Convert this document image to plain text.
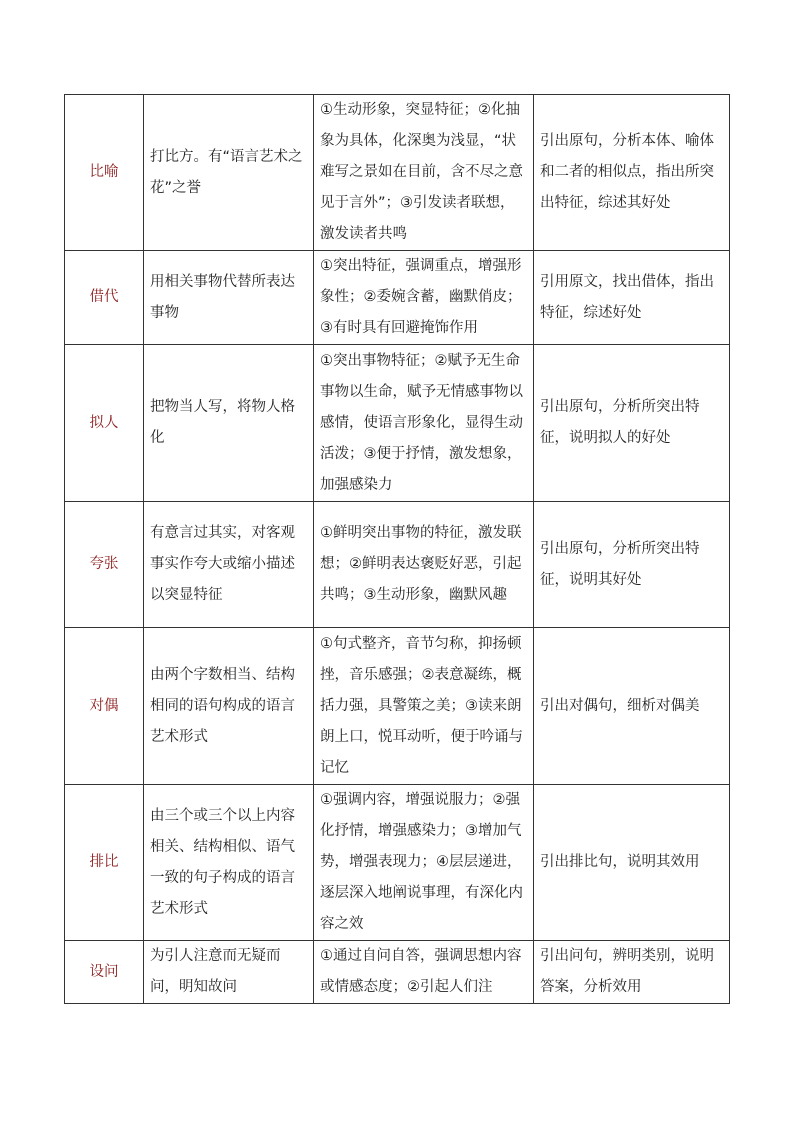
比喻	打比方。有“语言艺术之花”之誉	①生动形象，突显特征；②化抽象为具体，化深奥为浅显，“状难写之景如在目前，含不尽之意见于言外”；③引发读者联想，激发读者共鸣	引出原句，分析本体、喻体和二者的相似点，指出所突出特征，综述其好处
借代	用相关事物代替所表达事物	①突出特征，强调重点，增强形象性；②委婉含蓄，幽默俏皮；③有时具有回避掩饰作用	引用原文，找出借体，指出特征，综述好处
拟人	把物当人写，将物人格化	①突出事物特征；②赋予无生命事物以生命，赋予无情感事物以感情，使语言形象化，显得生动活泼；③便于抒情，激发想象，加强感染力	引出原句，分析所突出特征，说明拟人的好处
夸张	有意言过其实，对客观事实作夸大或缩小描述以突显特征	①鲜明突出事物的特征，激发联想；②鲜明表达褒贬好恶，引起共鸣；③生动形象，幽默风趣	引出原句，分析所突出特征，说明其好处
对偶	由两个字数相当、结构相同的语句构成的语言艺术形式	①句式整齐，音节匀称，抑扬顿挫，音乐感强；②表意凝练，概括力强，具警策之美；③读来朗朗上口，悦耳动听，便于吟诵与记忆	引出对偶句，细析对偶美
排比	由三个或三个以上内容相关、结构相似、语气一致的句子构成的语言艺术形式	①强调内容，增强说服力；②强化抒情，增强感染力；③增加气势，增强表现力；④层层递进，逐层深入地阐说事理，有深化内容之效	引出排比句，说明其效用
设问	为引人注意而无疑而问，明知故问	①通过自问自答，强调思想内容或情感态度；②引起人们注	引出问句，辨明类别，说明答案，分析效用
